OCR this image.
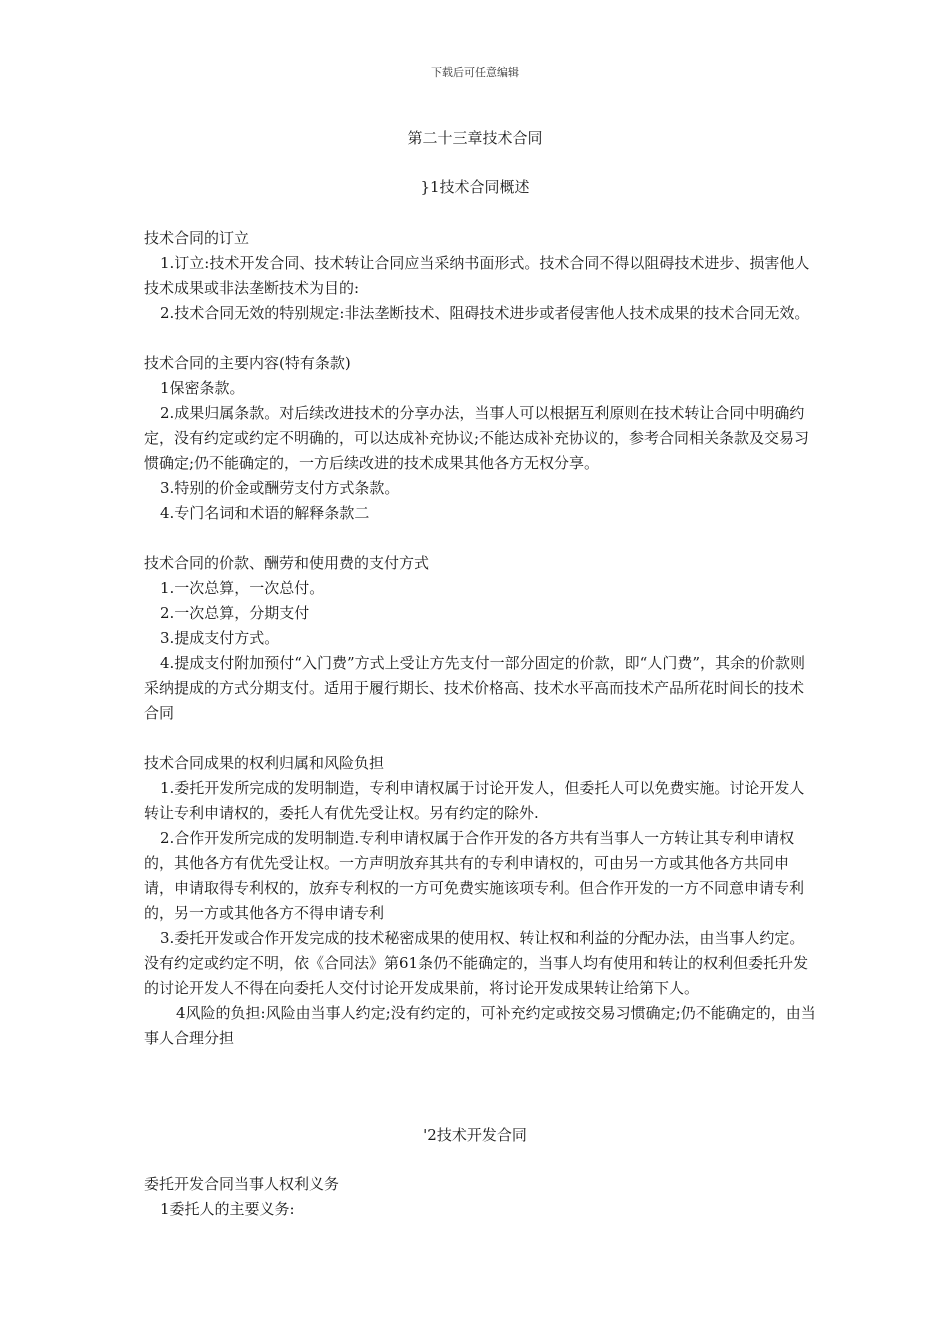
下载后可任意编辑
第二十三章技术合同
}1技术合同概述

技术合同的订立

1.订立:技术开发合同、技术转让合同应当采纳书面形式。技术合同不得以阻碍技术进步、损害他人技术成果或非法垄断技术为目的:

2.技术合同无效的特别规定:非法垄断技术、阻碍技术进步或者侵害他人技术成果的技术合同无效。

技术合同的主要内容(特有条款)

1保密条款。

2.成果归属条款。对后续改进技术的分享办法，当事人可以根据互利原则在技术转让合同中明确约定，没有约定或约定不明确的，可以达成补充协议;不能达成补充协议的，参考合同相关条款及交易习惯确定;仍不能确定的，一方后续改进的技术成果其他各方无权分享。

3.特别的价金或酬劳支付方式条款。

4.专门名词和术语的解释条款二

技术合同的价款、酬劳和使用费的支付方式

1.一次总算，一次总付。

2.一次总算，分期支付

3.提成支付方式。

4.提成支付附加预付“入门费”方式上受让方先支付一部分固定的价款，即“人门费”，其余的价款则采纳提成的方式分期支付。适用于履行期长、技术价格高、技术水平高而技术产品所花时间长的技术合同

技术合同成果的权利归属和风险负担

1.委托开发所完成的发明制造，专利申请权属于讨论开发人，但委托人可以免费实施。讨论开发人转让专利申请权的，委托人有优先受让权。另有约定的除外.

2.合作开发所完成的发明制造.专利申请权属于合作开发的各方共有当事人一方转让其专利申请权的，其他各方有优先受让权。一方声明放弃其共有的专利申请权的，可由另一方或其他各方共同申请，申请取得专利权的，放弃专利权的一方可免费实施该项专利。但合作开发的一方不同意申请专利的，另一方或其他各方不得申请专利

3.委托开发或合作开发完成的技术秘密成果的使用权、转让权和利益的分配办法，由当事人约定。没有约定或约定不明，依《合同法》第61条仍不能确定的，当事人均有使用和转让的权利但委托升发的讨论开发人不得在向委托人交付讨论开发成果前，将讨论开发成果转让给第下人。

4风险的负担:风险由当事人约定;没有约定的，可补充约定或按交易习惯确定;仍不能确定的，由当事人合理分担

'2技术开发合同

委托开发合同当事人权利义务

1委托人的主要义务:
